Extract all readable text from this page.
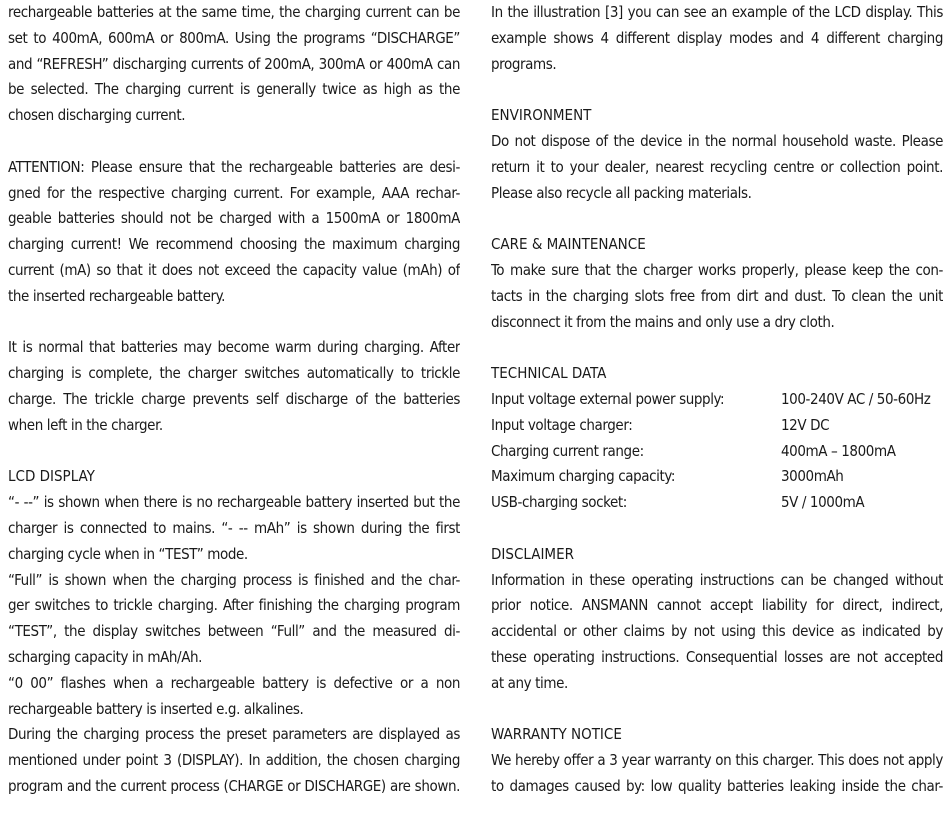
rechargeable batteries at the same time, the charging current can be
set to 400mA, 600mA or 800mA. Using the programs “DISCHARGE”
and “REFRESH” discharging currents of 200mA, 300mA or 400mA can
be selected. The charging current is generally twice as high as the
chosen discharging current.
ATTENTION: Please ensure that the rechargeable batteries are desi-
gned for the respective charging current. For example, AAA rechar-
geable batteries should not be charged with a 1500mA or 1800mA
charging current! We recommend choosing the maximum charging
current (mA) so that it does not exceed the capacity value (mAh) of
the inserted rechargeable battery.
It is normal that batteries may become warm during charging. After
charging is complete, the charger switches automatically to trickle
charge. The trickle charge prevents self discharge of the batteries
when left in the charger.
LCD DISPLAY
“- --” is shown when there is no rechargeable battery inserted but the
charger is connected to mains. “- -- mAh” is shown during the first
charging cycle when in “TEST” mode.
“Full” is shown when the charging process is finished and the char-
ger switches to trickle charging. After finishing the charging program
“TEST”, the display switches between “Full” and the measured di-
scharging capacity in mAh/Ah.
“0 00” flashes when a rechargeable battery is defective or a non
rechargeable battery is inserted e.g. alkalines.
During the charging process the preset parameters are displayed as
mentioned under point 3 (DISPLAY). In addition, the chosen charging
program and the current process (CHARGE or DISCHARGE) are shown.
In the illustration [3] you can see an example of the LCD display. This
example shows 4 different display modes and 4 different charging
programs.
ENVIRONMENT
Do not dispose of the device in the normal household waste. Please
return it to your dealer, nearest recycling centre or collection point.
Please also recycle all packing materials.
CARE & MAINTENANCE
To make sure that the charger works properly, please keep the con-
tacts in the charging slots free from dirt and dust. To clean the unit
disconnect it from the mains and only use a dry cloth.
TECHNICAL DATA
Input voltage external power supply:	100-240V AC / 50-60Hz
Input voltage charger:	12V DC
Charging current range:	400mA – 1800mA
Maximum charging capacity:	3000mAh
USB-charging socket:	5V / 1000mA
DISCLAIMER
Information in these operating instructions can be changed without
prior notice. ANSMANN cannot accept liability for direct, indirect,
accidental or other claims by not using this device as indicated by
these operating instructions. Consequential losses are not accepted
at any time.
WARRANTY NOTICE
We hereby offer a 3 year warranty on this charger. This does not apply
to damages caused by: low quality batteries leaking inside the char-
